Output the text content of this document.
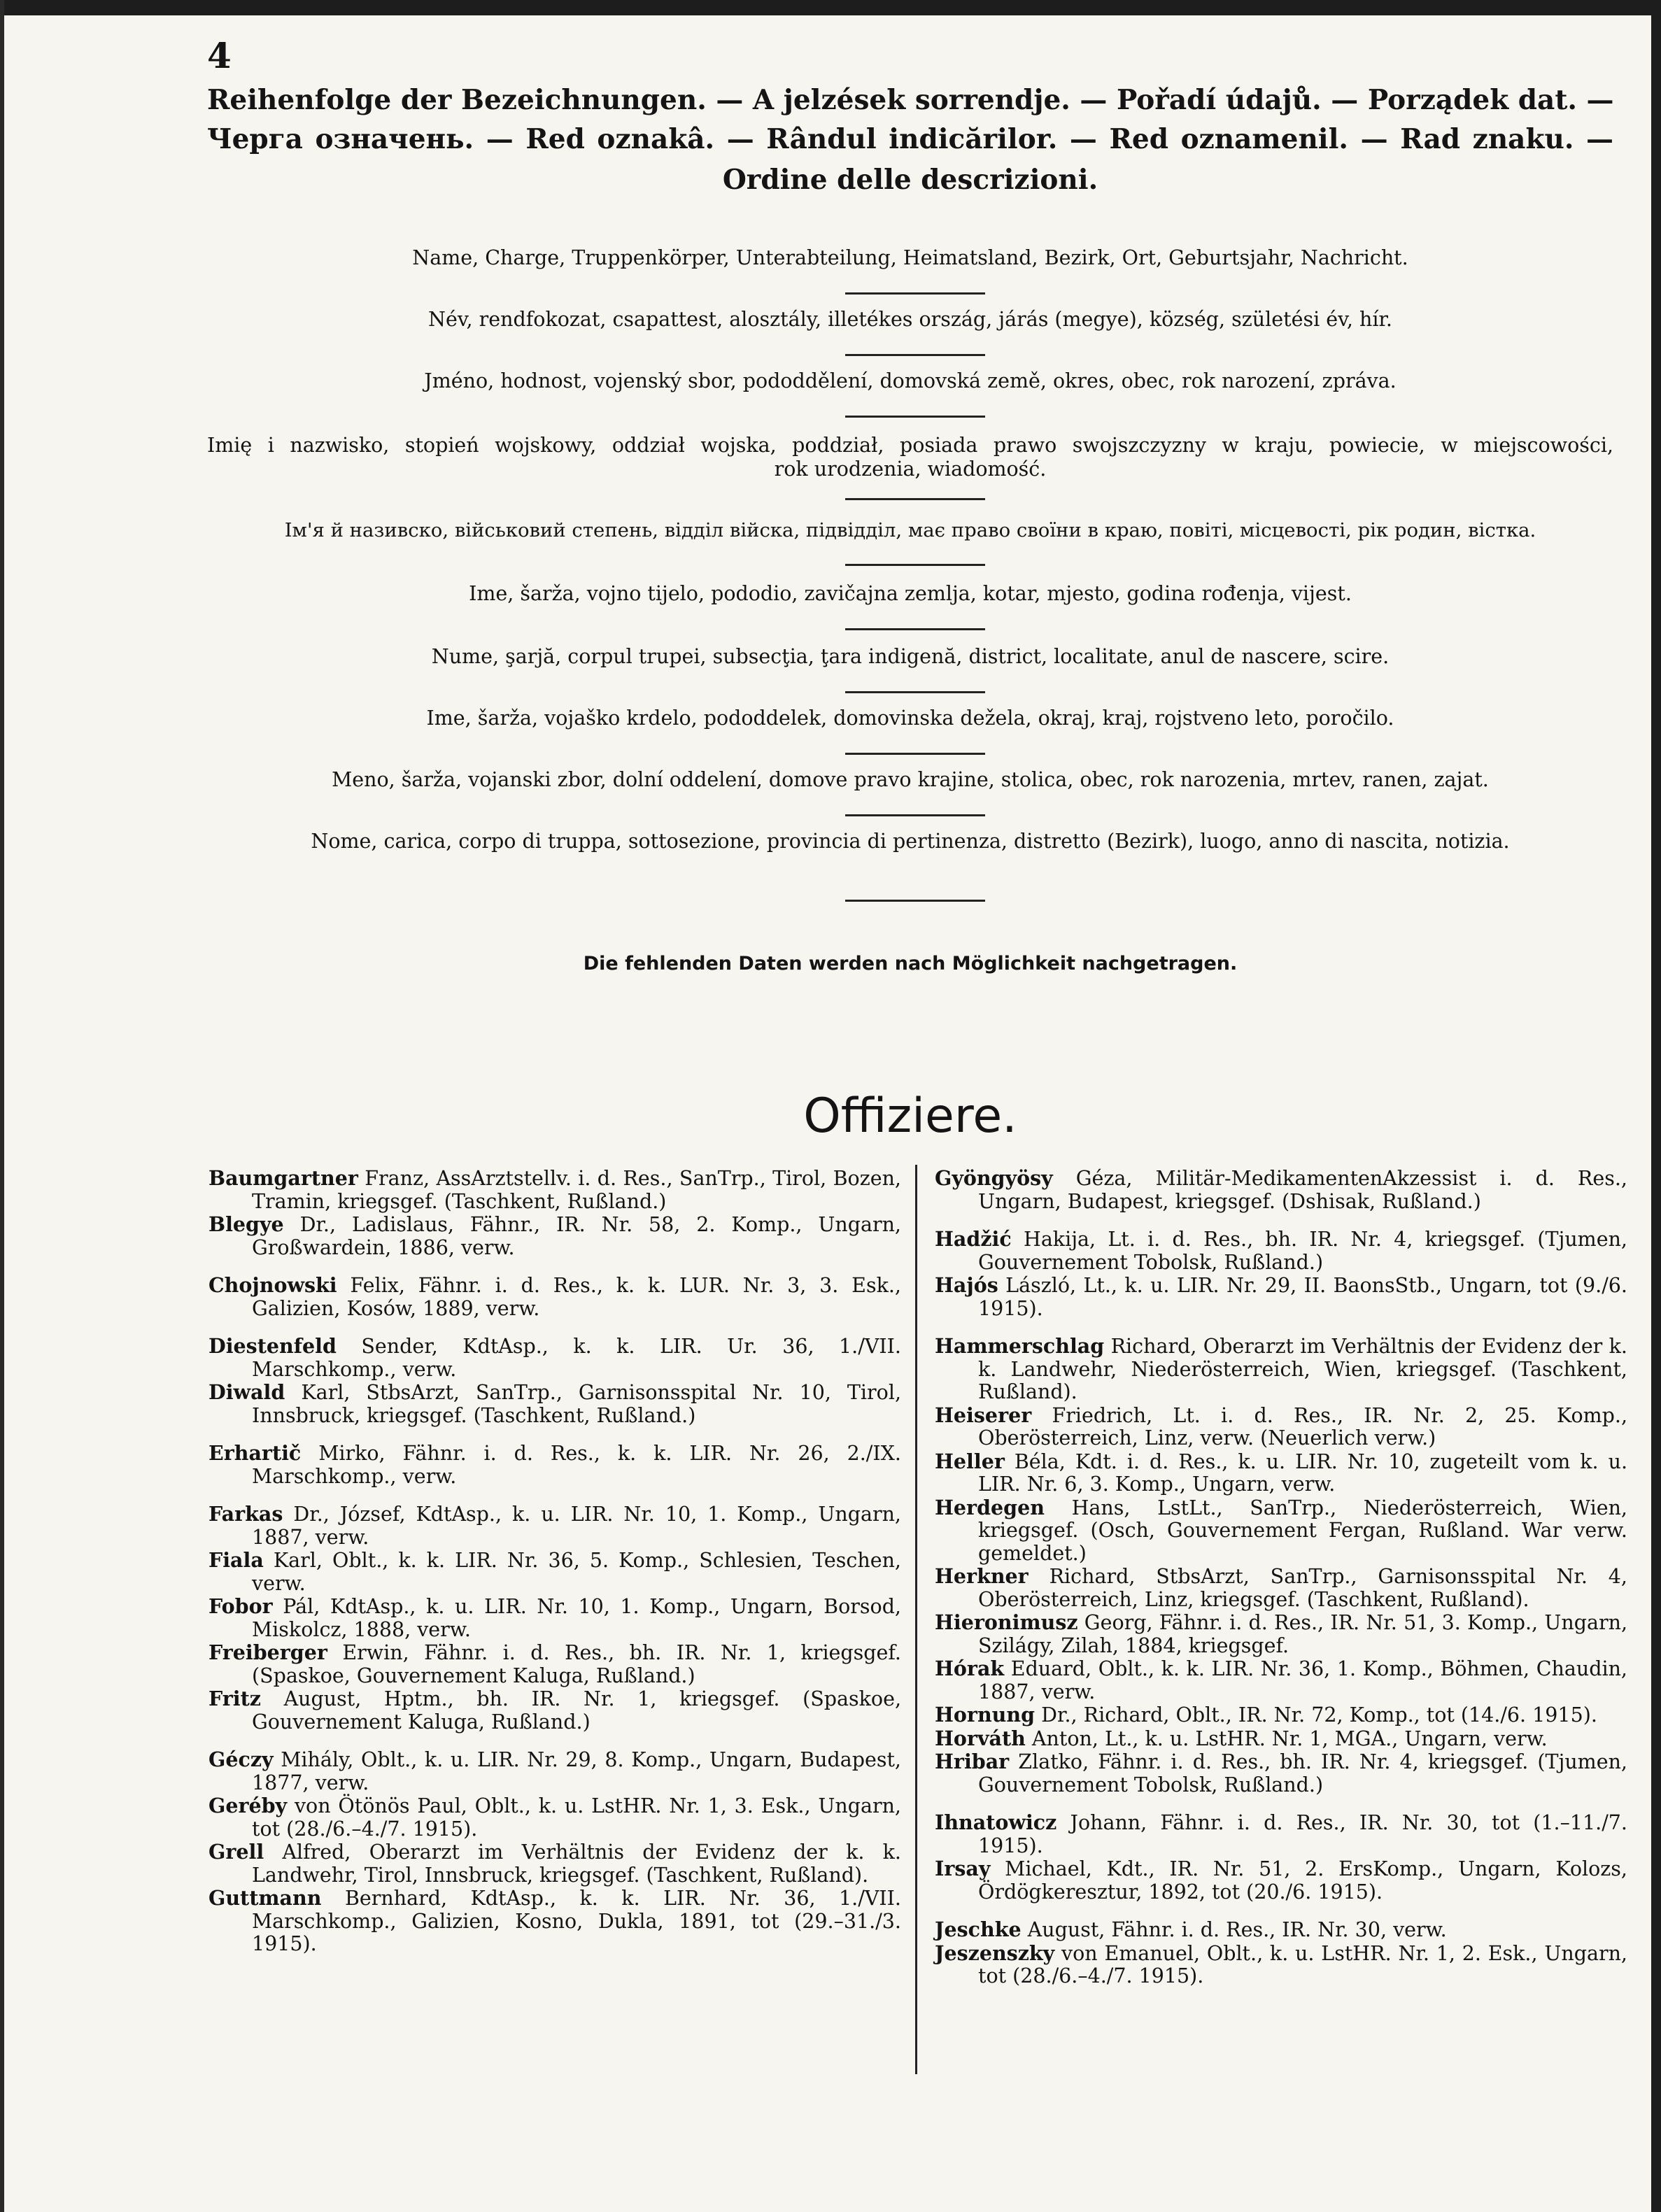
4
Reihenfolge der Bezeichnungen. — A jelzések sorrendje. — Pořadí údajů. — Porządek dat. —
Черга означень. — Red oznakâ. — Rândul indicărilor. — Red oznamenil. — Rad znaku. —
Ordine delle descrizioni.
Name, Charge, Truppenkörper, Unterabteilung, Heimatsland, Bezirk, Ort, Geburtsjahr, Nachricht.
Név, rendfokozat, csapattest, alosztály, illetékes ország, járás (megye), község, születési év, hír.
Jméno, hodnost, vojenský sbor, pododdělení, domovská země, okres, obec, rok narození, zpráva.

Imię i nazwisko, stopień wojskowy, oddział wojska, poddział, posiada prawo swojszczyzny w kraju, powiecie, w miejscowości,

rok urodzenia, wiadomość.

Ім'я й називско, військовий степень, відділ війска, підвідділ, має право своїни в краю, повіті, місцевості, рік родин, вістка.
Ime, šarža, vojno tijelo, pododio, zavičajna zemlja, kotar, mjesto, godina rođenja, vijest.
Nume, şarjă, corpul trupei, subsecţia, ţara indigenă, district, localitate, anul de nascere, scire.
Ime, šarža, vojaško krdelo, pododdelek, domovinska dežela, okraj, kraj, rojstveno leto, poročilo.
Meno, šarža, vojanski zbor, dolní oddelení, domove pravo krajine, stolica, obec, rok narozenia, mrtev, ranen, zajat.
Nome, carica, corpo di truppa, sottosezione, provincia di pertinenza, distretto (Bezirk), luogo, anno di nascita, notizia.
Die fehlenden Daten werden nach Möglichkeit nachgetragen.
Offiziere.

Baumgartner Franz, AssArztstellv. i. d. Res., SanTrp., Tirol, Bozen, Tramin, kriegsgef. (Taschkent, Rußland.)

Blegye Dr., Ladislaus, Fähnr., IR. Nr. 58, 2. Komp., Ungarn, Großwardein, 1886, verw.

Chojnowski Felix, Fähnr. i. d. Res., k. k. LUR. Nr. 3, 3. Esk., Galizien, Kosów, 1889, verw.

Diestenfeld Sender, KdtAsp., k. k. LIR. Ur. 36, 1./VII. Marschkomp., verw.

Diwald Karl, StbsArzt, SanTrp., Garnisonsspital Nr. 10, Tirol, Innsbruck, kriegsgef. (Taschkent, Rußland.)

Erhartič Mirko, Fähnr. i. d. Res., k. k. LIR. Nr. 26, 2./IX. Marschkomp., verw.

Farkas Dr., József, KdtAsp., k. u. LIR. Nr. 10, 1. Komp., Ungarn, 1887, verw.

Fiala Karl, Oblt., k. k. LIR. Nr. 36, 5. Komp., Schlesien, Teschen, verw.

Fobor Pál, KdtAsp., k. u. LIR. Nr. 10, 1. Komp., Ungarn, Borsod, Miskolcz, 1888, verw.

Freiberger Erwin, Fähnr. i. d. Res., bh. IR. Nr. 1, kriegsgef. (Spaskoe, Gouvernement Kaluga, Rußland.)

Fritz August, Hptm., bh. IR. Nr. 1, kriegsgef. (Spaskoe, Gouvernement Kaluga, Rußland.)

Géczy Mihály, Oblt., k. u. LIR. Nr. 29, 8. Komp., Ungarn, Budapest, 1877, verw.

Geréby von Ötönös Paul, Oblt., k. u. LstHR. Nr. 1, 3. Esk., Ungarn, tot (28./6.–4./7. 1915).

Grell Alfred, Oberarzt im Verhältnis der Evidenz der k. k. Landwehr, Tirol, Innsbruck, kriegsgef. (Taschkent, Rußland).

Guttmann Bernhard, KdtAsp., k. k. LIR. Nr. 36, 1./VII. Marschkomp., Galizien, Kosno, Dukla, 1891, tot (29.–31./3. 1915).

Gyöngyösy Géza, Militär-MedikamentenAkzessist i. d. Res., Ungarn, Budapest, kriegsgef. (Dshisak, Rußland.)

Hadžić Hakija, Lt. i. d. Res., bh. IR. Nr. 4, kriegsgef. (Tjumen, Gouvernement Tobolsk, Rußland.)

Hajós László, Lt., k. u. LIR. Nr. 29, II. BaonsStb., Ungarn, tot (9./6. 1915).

Hammerschlag Richard, Oberarzt im Verhältnis der Evidenz der k. k. Landwehr, Niederösterreich, Wien, kriegsgef. (Taschkent, Rußland).

Heiserer Friedrich, Lt. i. d. Res., IR. Nr. 2, 25. Komp., Oberösterreich, Linz, verw. (Neuerlich verw.)

Heller Béla, Kdt. i. d. Res., k. u. LIR. Nr. 10, zugeteilt vom k. u. LIR. Nr. 6, 3. Komp., Ungarn, verw.

Herdegen Hans, LstLt., SanTrp., Niederösterreich, Wien, kriegsgef. (Osch, Gouvernement Fergan, Rußland. War verw. gemeldet.)

Herkner Richard, StbsArzt, SanTrp., Garnisonsspital Nr. 4, Oberösterreich, Linz, kriegsgef. (Taschkent, Rußland).

Hieronimusz Georg, Fähnr. i. d. Res., IR. Nr. 51, 3. Komp., Ungarn, Szilágy, Zilah, 1884, kriegsgef.

Hórak Eduard, Oblt., k. k. LIR. Nr. 36, 1. Komp., Böhmen, Chaudin, 1887, verw.

Hornung Dr., Richard, Oblt., IR. Nr. 72, Komp., tot (14./6. 1915).

Horváth Anton, Lt., k. u. LstHR. Nr. 1, MGA., Ungarn, verw.

Hribar Zlatko, Fähnr. i. d. Res., bh. IR. Nr. 4, kriegsgef. (Tjumen, Gouvernement Tobolsk, Rußland.)

Ihnatowicz Johann, Fähnr. i. d. Res., IR. Nr. 30, tot (1.–11./7. 1915).

Irsay Michael, Kdt., IR. Nr. 51, 2. ErsKomp., Ungarn, Kolozs, Ördögkeresztur, 1892, tot (20./6. 1915).

Jeschke August, Fähnr. i. d. Res., IR. Nr. 30, verw.

Jeszenszky von Emanuel, Oblt., k. u. LstHR. Nr. 1, 2. Esk., Ungarn, tot (28./6.–4./7. 1915).
